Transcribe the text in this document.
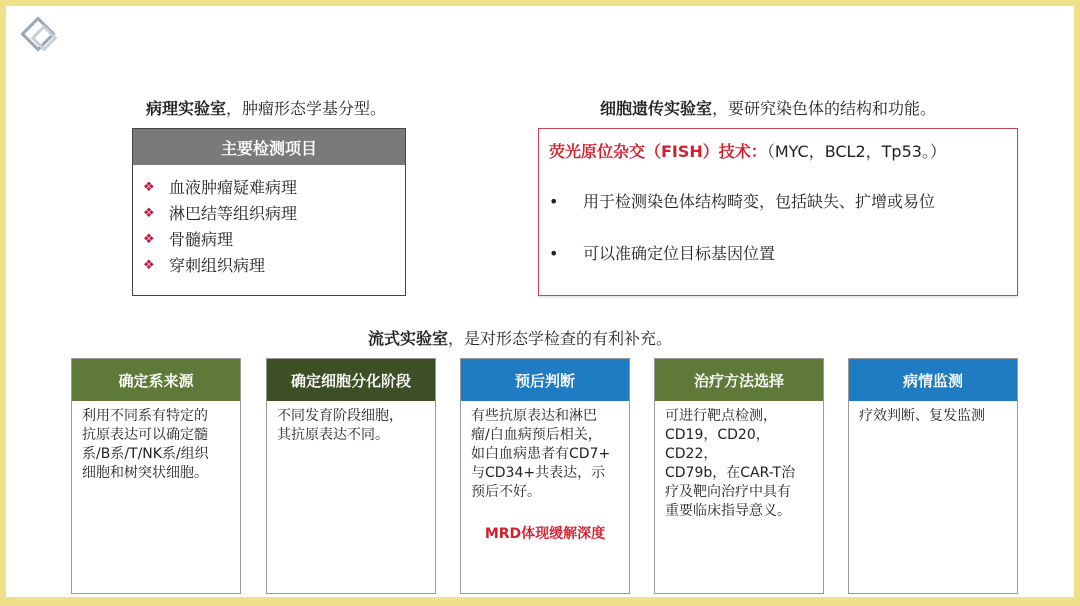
病理实验室，肿瘤形态学基分型。	细胞遗传实验室，要研究染色体的结构和功能。
主要检测项目
❖ 血液肿瘤疑难病理
❖ 淋巴结等组织病理
❖ 骨髓病理
❖ 穿刺组织病理
荧光原位杂交（FISH）技术：（MYC，BCL2，Tp53。）
• 用于检测染色体结构畸变，包括缺失、扩增或易位
• 可以准确定位目标基因位置
流式实验室，是对形态学检查的有利补充。
确定系来源
利用不同系有特定的
抗原表达可以确定髓
系/B系/T/NK系/组织
细胞和树突状细胞。
确定细胞分化阶段
不同发育阶段细胞，
其抗原表达不同。
预后判断
有些抗原表达和淋巴
瘤/白血病预后相关，
如白血病患者有CD7+
与CD34+共表达，示
预后不好。
MRD体现缓解深度
治疗方法选择
可进行靶点检测，
CD19，CD20，CD22，
CD79b，在CAR-T治
疗及靶向治疗中具有
重要临床指导意义。
病情监测
疗效判断、复发监测
